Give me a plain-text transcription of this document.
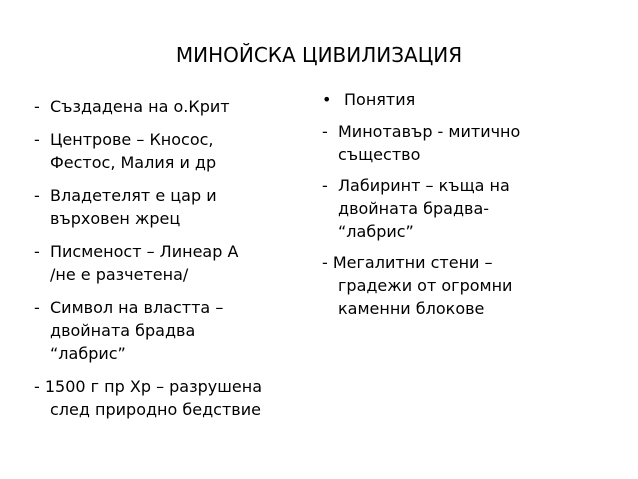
МИНОЙСКА ЦИВИЛИЗАЦИЯ
- Създадена на о.Крит
- Центрове – Кносос,
Фестос, Малия и др
- Владетелят е цар и
върховен жрец
- Писменост – Линеар А
/не е разчетена/
- Символ на властта –
двойната брадва
“лабрис”
- 1500 г пр Хр – разрушена
след природно бедствие
• Понятия
- Минотавър - митично
същество
- Лабиринт – къща на
двойната брадва-
“лабрис”
- Мегалитни стени –
градежи от огромни
каменни блокове
